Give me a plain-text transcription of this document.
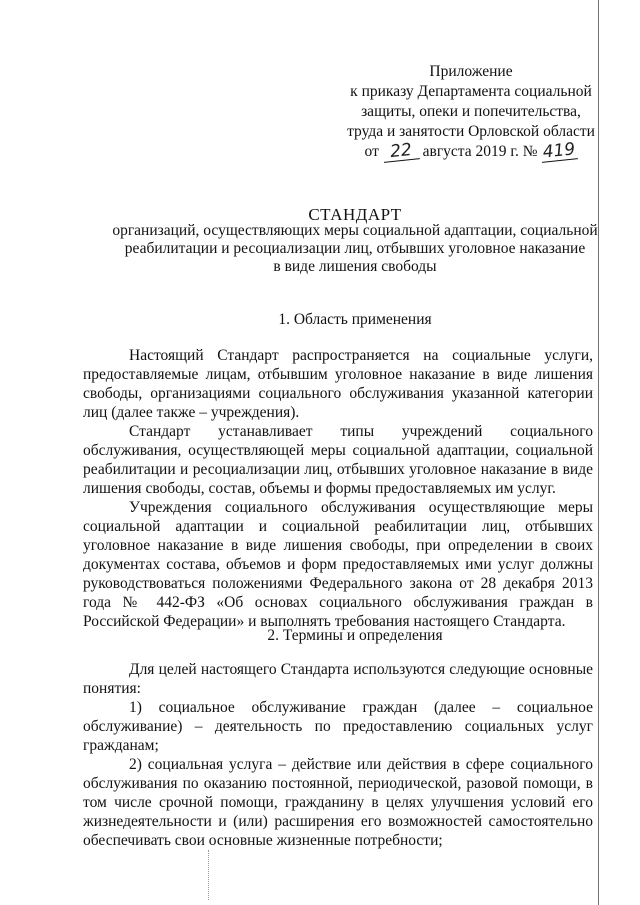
Приложение
к приказу Департамента социальной
защиты, опеки и попечительства,
труда и занятости Орловской области
от 22 августа 2019 г. № 419
СТАНДАРТ
организаций, осуществляющих меры социальной адаптации, социальной
реабилитации и ресоциализации лиц, отбывших уголовное наказание
в виде лишения свободы
1. Область применения

Настоящий Стандарт распространяется на социальные услуги, предоставляемые лицам, отбывшим уголовное наказание в виде лишения свободы, организациями социального обслуживания указанной категории лиц (далее также – учреждения).

Стандарт устанавливает типы учреждений социального обслуживания, осуществляющей меры социальной адаптации, социальной реабилитации и ресоциализации лиц, отбывших уголовное наказание в виде лишения свободы, состав, объемы и формы предоставляемых им услуг.

Учреждения социального обслуживания осуществляющие меры социальной адаптации и социальной реабилитации лиц, отбывших уголовное наказание в виде лишения свободы, при определении в своих документах состава, объемов и форм предоставляемых ими услуг должны руководствоваться положениями Федерального закона от 28 декабря 2013 года № 442-ФЗ «Об основах социального обслуживания граждан в Российской Федерации» и выполнять требования настоящего Стандарта.

2. Термины и определения

Для целей настоящего Стандарта используются следующие основные понятия:

1) социальное обслуживание граждан (далее – социальное обслуживание) – деятельность по предоставлению социальных услуг гражданам;

2) социальная услуга – действие или действия в сфере социального обслуживания по оказанию постоянной, периодической, разовой помощи, в том числе срочной помощи, гражданину в целях улучшения условий его жизнедеятельности и (или) расширения его возможностей самостоятельно обеспечивать свои основные жизненные потребности;
